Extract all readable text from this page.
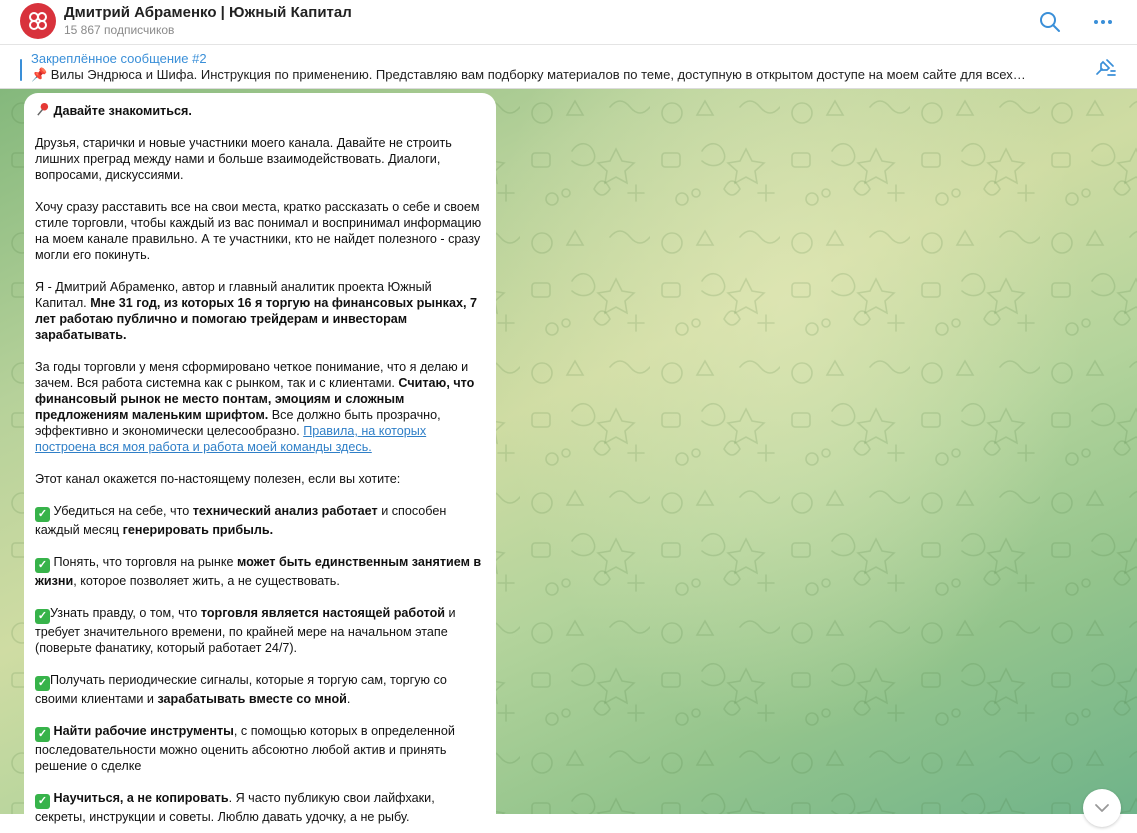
Дмитрий Абраменко | Южный Капитал
15 867 подписчиков
Закреплённое сообщение #2
📌 Вилы Эндрюса и Шифа. Инструкция по применению. Представляю вам подборку материалов по теме, доступную в открытом доступе на моем сайте для всех…
Давайте знакомиться.
Друзья, старички и новые участники моего канала. Давайте не строить лишних преград между нами и больше взаимодействовать. Диалоги, вопросами, дискуссиями.
Хочу сразу расставить все на свои места, кратко рассказать о себе и своем стиле торговли, чтобы каждый из вас понимал и воспринимал информацию на моем канале правильно. А те участники, кто не найдет полезного - сразу могли его покинуть.
Я - Дмитрий Абраменко, автор и главный аналитик проекта Южный Капитал. Мне 31 год, из которых 16 я торгую на финансовых рынках, 7 лет работаю публично и помогаю трейдерам и инвесторам зарабатывать.
За годы торговли у меня сформировано четкое понимание, что я делаю и зачем. Вся работа системна как с рынком, так и с клиентами. Считаю, что финансовый рынок не место понтам, эмоциям и сложным предложениям маленьким шрифтом. Все должно быть прозрачно, эффективно и экономически целесообразно. Правила, на которых построена вся моя работа и работа моей команды здесь.
Этот канал окажется по-настоящему полезен, если вы хотите:
✓ Убедиться на себе, что технический анализ работает и способен каждый месяц генерировать прибыль.
✓ Понять, что торговля на рынке может быть единственным занятием в жизни, которое позволяет жить, а не существовать.
✓ Узнать правду, о том, что торговля является настоящей работой и требует значительного времени, по крайней мере на начальном этапе (поверьте фанатику, который работает 24/7).
✓ Получать периодические сигналы, которые я торгую сам, торгую со своими клиентами и зарабатывать вместе со мной.
✓ Найти рабочие инструменты, с помощью которых в определенной последовательности можно оценить абсоютно любой актив и принять решение о сделке
✓ Научиться, а не копировать. Я часто публикую свои лайфхаки, секреты, инструкции и советы. Люблю давать удочку, а не рыбу.
